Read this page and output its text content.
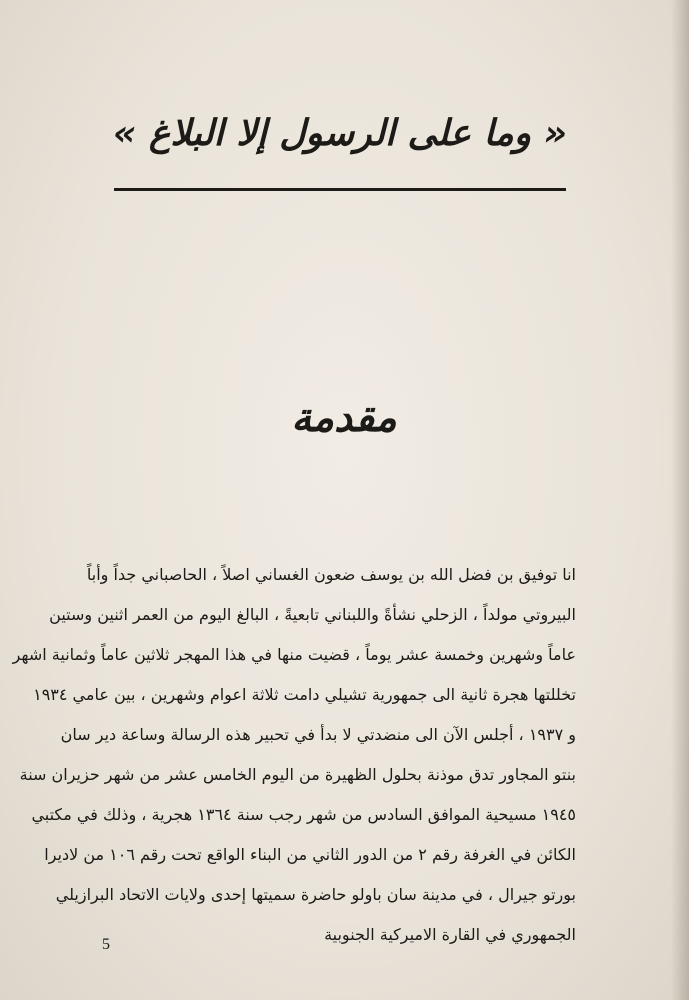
« وما على الرسول إلا البلاغ »
مقدمة
انا توفيق بن فضل الله بن يوسف ضعون الغساني اصلاً ، الحاصباني جداً وأباً
البيروتي مولداً ، الزحلي نشأةً واللبناني تابعيةً ، البالغ اليوم من العمر اثنين وستين
عاماً وشهرين وخمسة عشر يوماً ، قضيت منها في هذا المهجر ثلاثين عاماً وثمانية اشهر
تخللتها هجرة ثانية الى جمهورية تشيلي دامت ثلاثة اعوام وشهرين ، بين عامي ١٩٣٤
و ١٩٣٧ ، أجلس الآن الى منضدتي لا بدأ في تحبير هذه الرسالة وساعة دير سان
بنتو المجاور تدق موذنة بحلول الظهيرة من اليوم الخامس عشر من شهر حزيران سنة
١٩٤٥ مسيحية الموافق السادس من شهر رجب سنة ١٣٦٤ هجرية ، وذلك في مكتبي
الكائن في الغرفة رقم ٢ من الدور الثاني من البناء الواقع تحت رقم ١٠٦ من لاديرا
بورتو جيرال ، في مدينة سان باولو حاضرة سميتها إحدى ولايات الاتحاد البرازيلي
الجمهوري في القارة الاميركية الجنوبية
5
